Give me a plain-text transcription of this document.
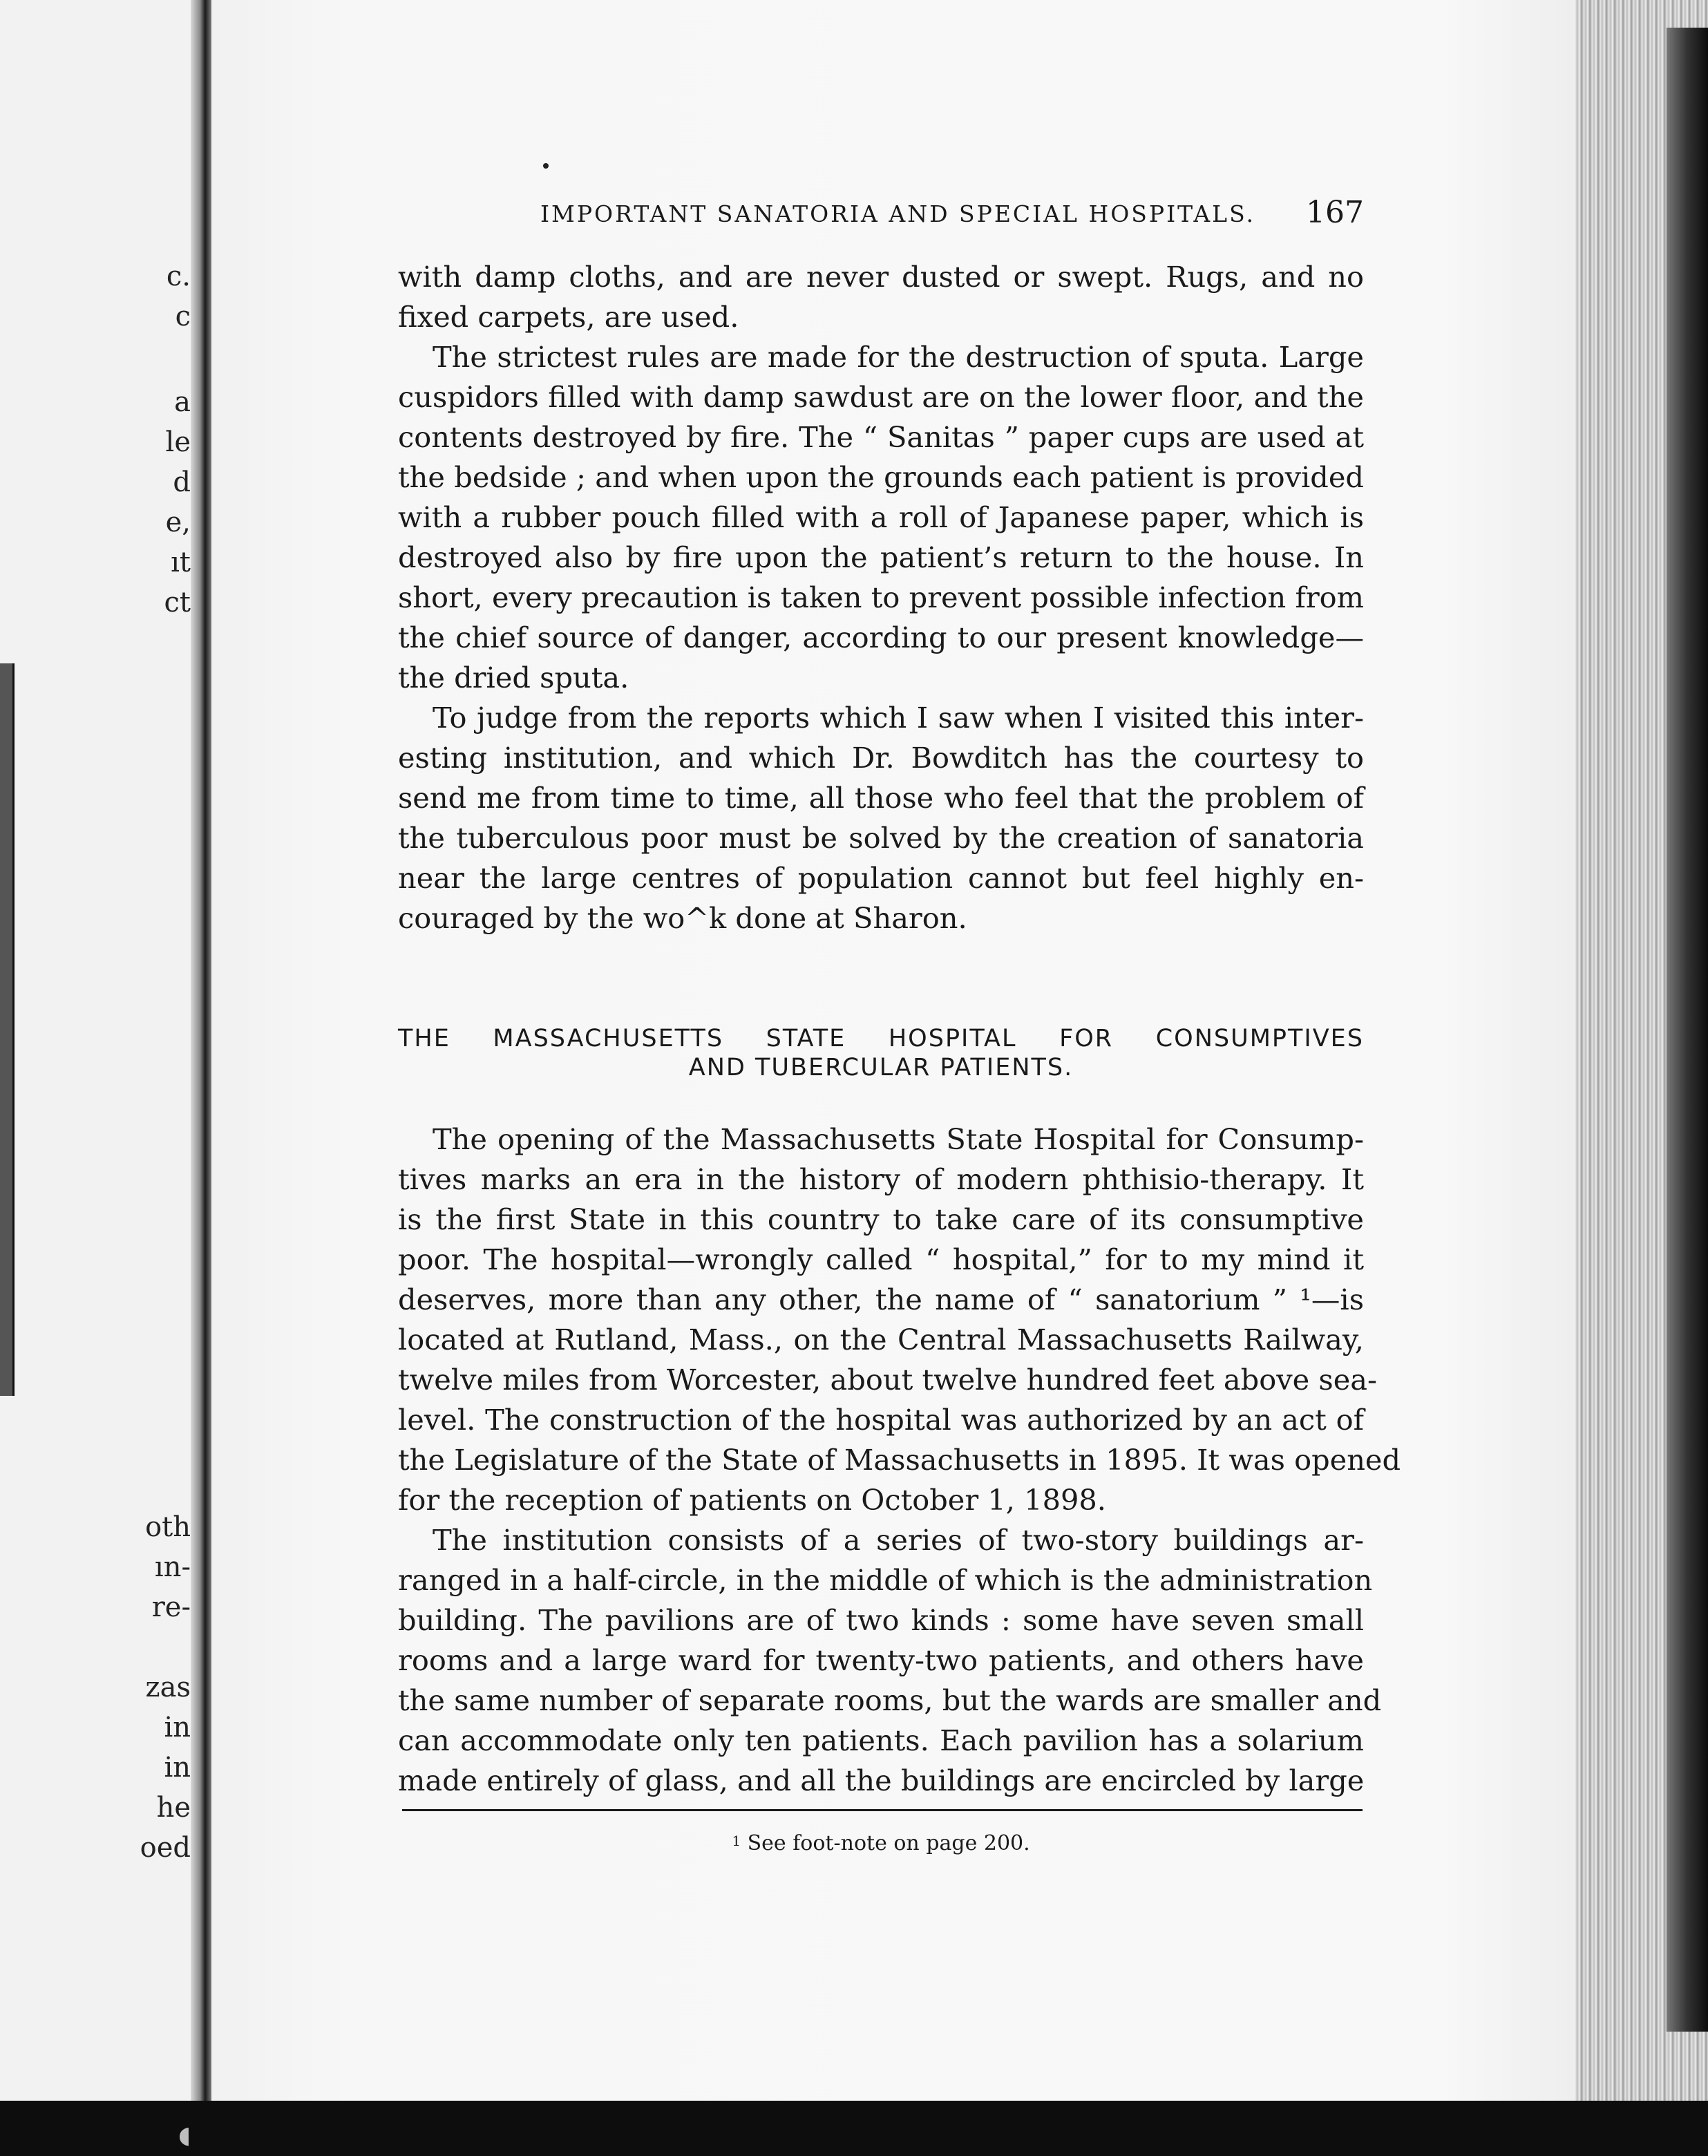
c.

c

a

le

d

e,

ıt

ct

oth

ın-

re-

zas

in

in

he

oed

IMPORTANT SANATORIA AND SPECIAL HOSPITALS. 167

with damp cloths, and are never dusted or swept. Rugs, and no
fixed carpets, are used.
The strictest rules are made for the destruction of sputa. Large
cuspidors filled with damp sawdust are on the lower floor, and the
contents destroyed by fire. The “ Sanitas ” paper cups are used at
the bedside ; and when upon the grounds each patient is provided
with a rubber pouch filled with a roll of Japanese paper, which is
destroyed also by fire upon the patient’s return to the house. In
short, every precaution is taken to prevent possible infection from
the chief source of danger, according to our present knowledge—
the dried sputa.
To judge from the reports which I saw when I visited this inter-
esting institution, and which Dr. Bowditch has the courtesy to
send me from time to time, all those who feel that the problem of
the tuberculous poor must be solved by the creation of sanatoria
near the large centres of population cannot but feel highly en-
couraged by the wo^k done at Sharon.
THE MASSACHUSETTS STATE HOSPITAL FOR CONSUMPTIVES
AND TUBERCULAR PATIENTS.
The opening of the Massachusetts State Hospital for Consump-
tives marks an era in the history of modern phthisio-therapy. It
is the first State in this country to take care of its consumptive
poor. The hospital—wrongly called “ hospital,” for to my mind it
deserves, more than any other, the name of “ sanatorium ” ¹—is
located at Rutland, Mass., on the Central Massachusetts Railway,
twelve miles from Worcester, about twelve hundred feet above sea-
level. The construction of the hospital was authorized by an act of
the Legislature of the State of Massachusetts in 1895. It was opened
for the reception of patients on October 1, 1898.
The institution consists of a series of two-story buildings ar-
ranged in a half-circle, in the middle of which is the administration
building. The pavilions are of two kinds : some have seven small
rooms and a large ward for twenty-two patients, and others have
the same number of separate rooms, but the wards are smaller and
can accommodate only ten patients. Each pavilion has a solarium
made entirely of glass, and all the buildings are encircled by large

$^1$ See foot-note on page 200.

◖
